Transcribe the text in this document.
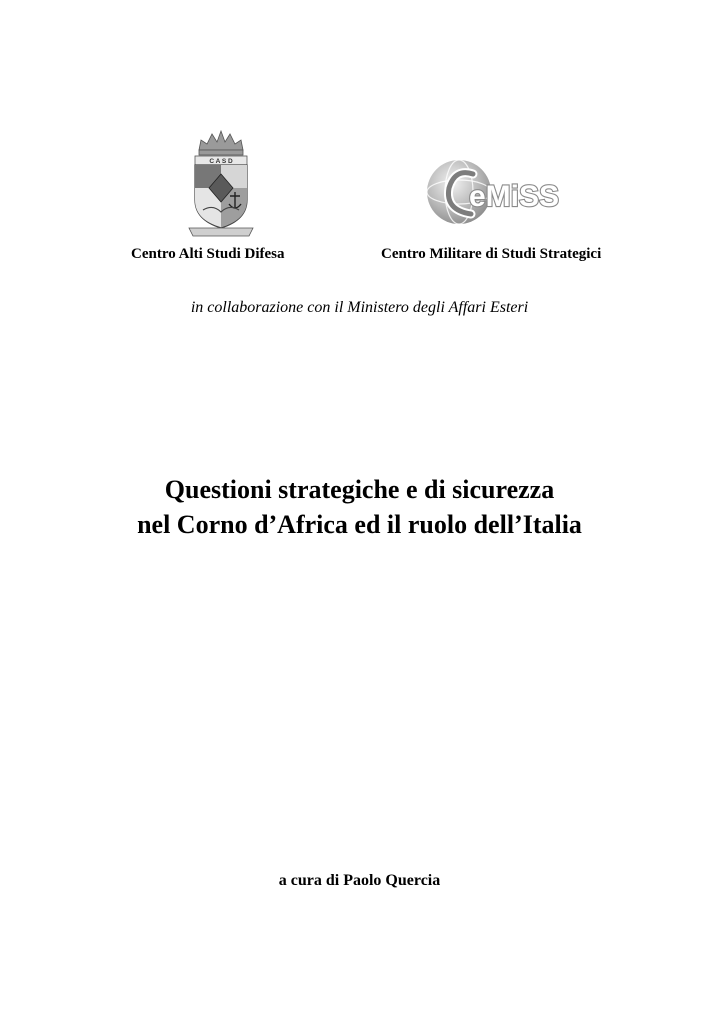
C A S D
eMiSS
Centro Alti Studi Difesa	Centro Militare di Studi Strategici
in collaborazione con il Ministero degli Affari Esteri
Questioni strategiche e di sicurezza
nel Corno d’Africa ed il ruolo dell’Italia
a cura di Paolo Quercia
